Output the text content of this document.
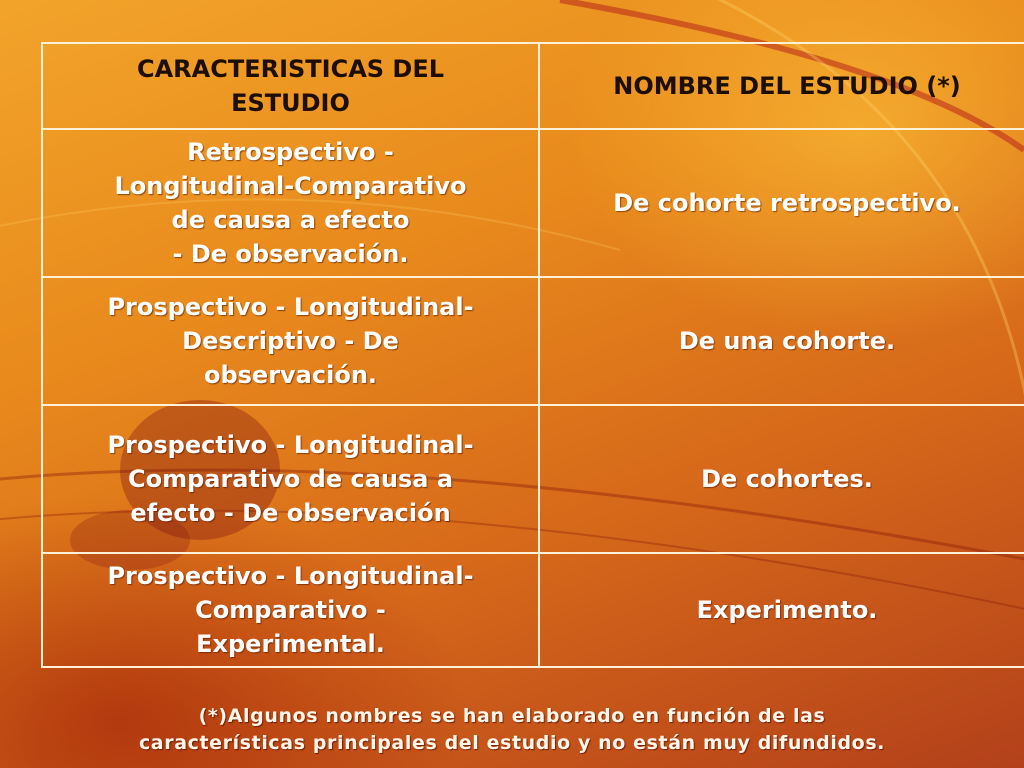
CARACTERISTICAS DEL
ESTUDIO	NOMBRE DEL ESTUDIO (*)

Retrospectivo -
Longitudinal-Comparativo
de causa a efecto
- De observación.	De cohorte retrospectivo.

Prospectivo - Longitudinal-
Descriptivo - De
observación.	De una cohorte.

Prospectivo - Longitudinal-
Comparativo de causa a
efecto - De observación	De cohortes.

Prospectivo - Longitudinal-
Comparativo -
Experimental.	Experimento.
(*)Algunos nombres se han elaborado en función de las
características principales del estudio y no están muy difundidos.
